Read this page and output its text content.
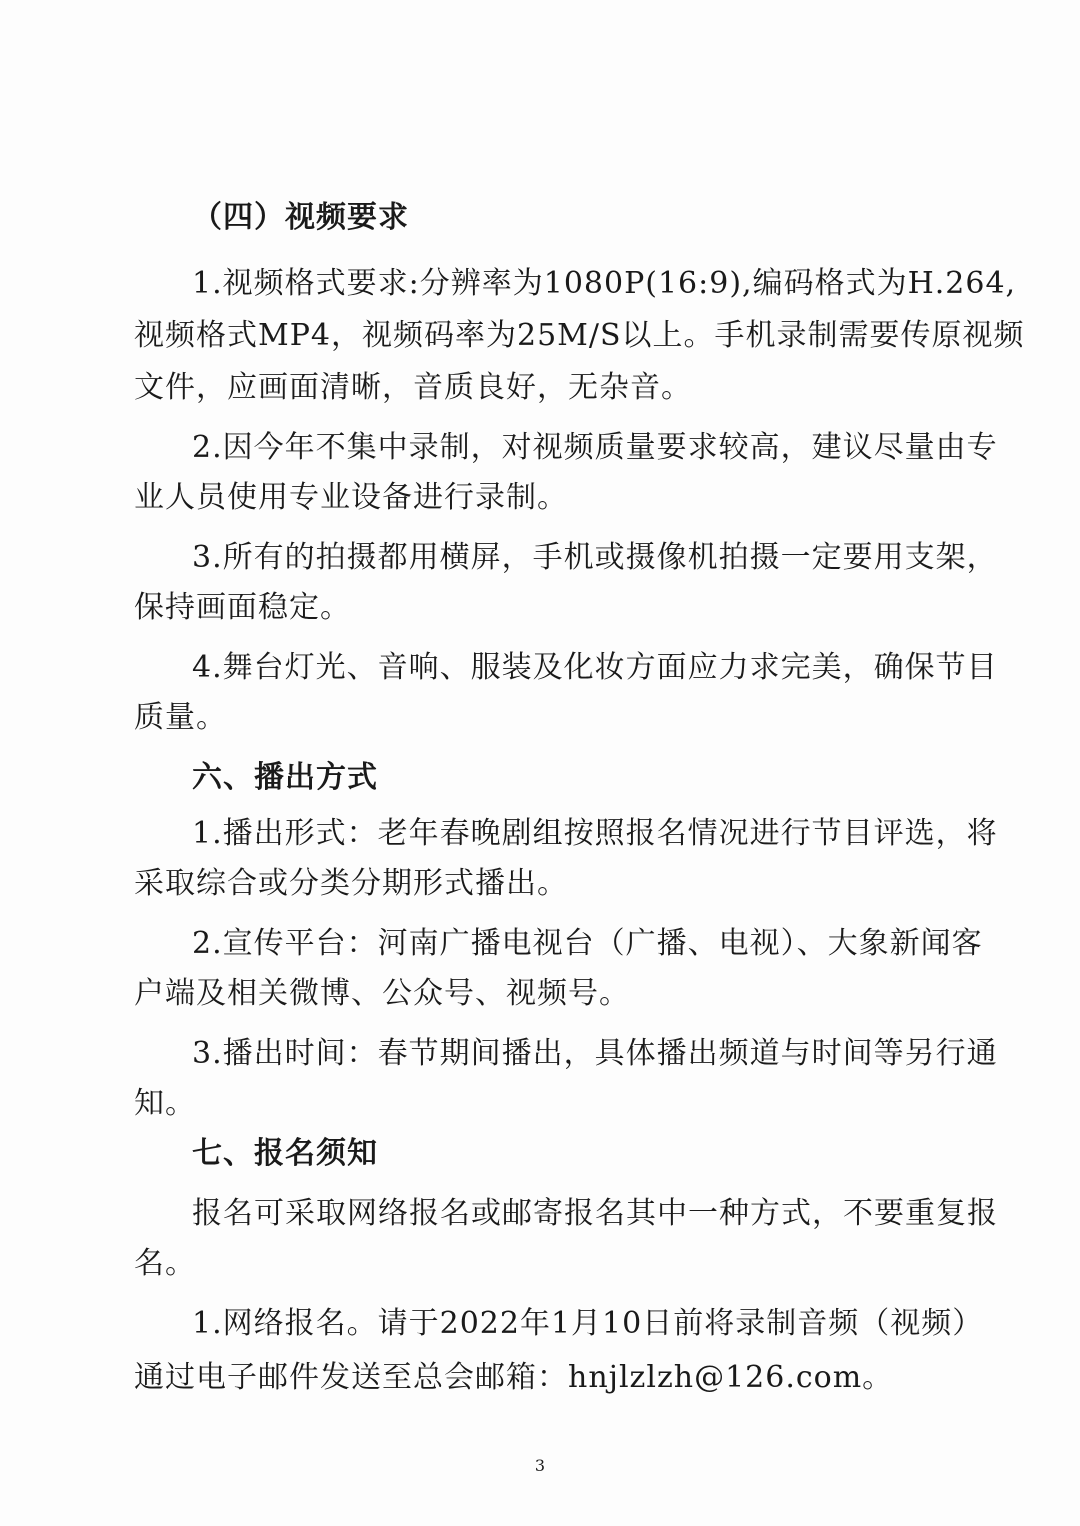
（四）视频要求
1.视频格式要求:分辨率为1080P(16:9),编码格式为H.264,
视频格式MP4，视频码率为25M/S以上。手机录制需要传原视频
文件，应画面清晰，音质良好，无杂音。
2.因今年不集中录制，对视频质量要求较高，建议尽量由专
业人员使用专业设备进行录制。
3.所有的拍摄都用横屏，手机或摄像机拍摄一定要用支架，
保持画面稳定。
4.舞台灯光、音响、服装及化妆方面应力求完美，确保节目
质量。
六、播出方式
1.播出形式：老年春晚剧组按照报名情况进行节目评选，将
采取综合或分类分期形式播出。
2.宣传平台：河南广播电视台（广播、电视）、大象新闻客
户端及相关微博、公众号、视频号。
3.播出时间：春节期间播出，具体播出频道与时间等另行通
知。
七、报名须知
报名可采取网络报名或邮寄报名其中一种方式，不要重复报
名。
1.网络报名。请于2022年1月10日前将录制音频（视频）
通过电子邮件发送至总会邮箱：hnjlzlzh@126.com。
3
